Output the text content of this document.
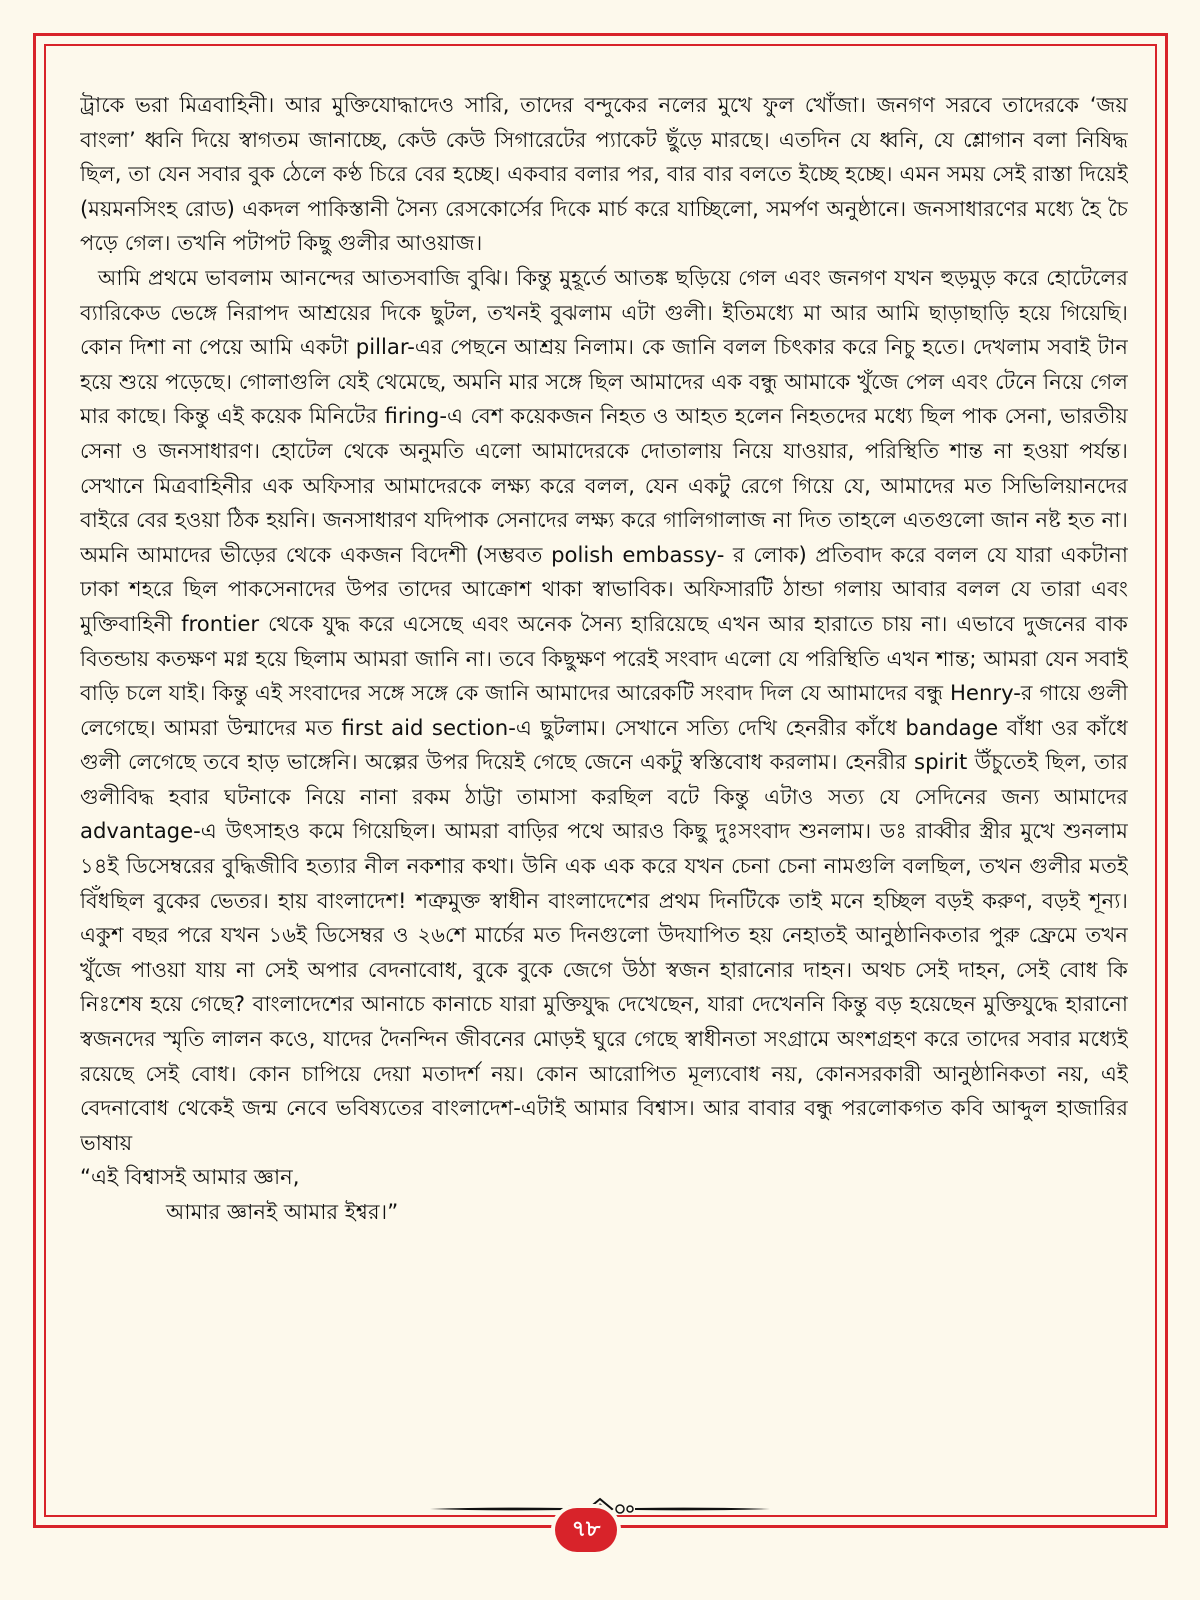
ট্রাকে ভরা মিত্রবাহিনী। আর মুক্তিযোদ্ধাদেও সারি, তাদের বন্দুকের নলের মুখে ফুল খোঁজা। জনগণ সরবে তাদেরকে ‘জয় বাংলা’ ধ্বনি দিয়ে স্বাগতম জানাচ্ছে, কেউ কেউ সিগারেটের প্যাকেট ছুঁড়ে মারছে। এতদিন যে ধ্বনি, যে শ্লোগান বলা নিষিদ্ধ ছিল, তা যেন সবার বুক ঠেলে কণ্ঠ চিরে বের হচ্ছে। একবার বলার পর, বার বার বলতে ইচ্ছে হচ্ছে। এমন সময় সেই রাস্তা দিয়েই (ময়মনসিংহ রোড) একদল পাকিস্তানী সৈন্য রেসকোর্সের দিকে মার্চ করে যাচ্ছিলো, সমর্পণ অনুষ্ঠানে। জনসাধারণের মধ্যে হৈ চৈ পড়ে গেল। তখনি পটাপট কিছু গুলীর আওয়াজ।

আমি প্রথমে ভাবলাম আনন্দের আতসবাজি বুঝি। কিন্তু মুহূর্তে আতঙ্ক ছড়িয়ে গেল এবং জনগণ যখন হুড়মুড় করে হোটেলের ব্যারিকেড ভেঙ্গে নিরাপদ আশ্রয়ের দিকে ছুটল, তখনই বুঝলাম এটা গুলী। ইতিমধ্যে মা আর আমি ছাড়াছাড়ি হয়ে গিয়েছি। কোন দিশা না পেয়ে আমি একটা pillar-এর পেছনে আশ্রয় নিলাম। কে জানি বলল চিৎকার করে নিচু হতে। দেখলাম সবাই টান হয়ে শুয়ে পড়েছে। গোলাগুলি যেই থেমেছে, অমনি মার সঙ্গে ছিল আমাদের এক বন্ধু আমাকে খুঁজে পেল এবং টেনে নিয়ে গেল মার কাছে। কিন্তু এই কয়েক মিনিটের firing-এ বেশ কয়েকজন নিহত ও আহত হলেন নিহতদের মধ্যে ছিল পাক সেনা, ভারতীয় সেনা ও জনসাধারণ। হোটেল থেকে অনুমতি এলো আমাদেরকে দোতালায় নিয়ে যাওয়ার, পরিস্থিতি শান্ত না হওয়া পর্যন্ত। সেখানে মিত্রবাহিনীর এক অফিসার আমাদেরকে লক্ষ্য করে বলল, যেন একটু রেগে গিয়ে যে, আমাদের মত সিভিলিয়ানদের বাইরে বের হওয়া ঠিক হয়নি। জনসাধারণ যদিপাক সেনাদের লক্ষ্য করে গালিগালাজ না দিত তাহলে এতগুলো জান নষ্ট হত না। অমনি আমাদের ভীড়ের থেকে একজন বিদেশী (সম্ভবত polish embassy- র লোক) প্রতিবাদ করে বলল যে যারা একটানা ঢাকা শহরে ছিল পাকসেনাদের উপর তাদের আক্রোশ থাকা স্বাভাবিক। অফিসারটি ঠান্ডা গলায় আবার বলল যে তারা এবং মুক্তিবাহিনী frontier থেকে যুদ্ধ করে এসেছে এবং অনেক সৈন্য হারিয়েছে এখন আর হারাতে চায় না। এভাবে দুজনের বাক বিতন্ডায় কতক্ষণ মগ্ন হয়ে ছিলাম আমরা জানি না। তবে কিছুক্ষণ পরেই সংবাদ এলো যে পরিস্থিতি এখন শান্ত; আমরা যেন সবাই বাড়ি চলে যাই। কিন্তু এই সংবাদের সঙ্গে সঙ্গে কে জানি আমাদের আরেকটি সংবাদ দিল যে আামাদের বন্ধু Henry-র গায়ে গুলী লেগেছে। আমরা উন্মাদের মত first aid section-এ ছুটলাম। সেখানে সত্যি দেখি হেনরীর কাঁধে bandage বাঁধা ওর কাঁধে গুলী লেগেছে তবে হাড় ভাঙ্গেনি। অল্পের উপর দিয়েই গেছে জেনে একটু স্বস্তিবোধ করলাম। হেনরীর spirit উঁচুতেই ছিল, তার গুলীবিদ্ধ হবার ঘটনাকে নিয়ে নানা রকম ঠাট্টা তামাসা করছিল বটে কিন্তু এটাও সত্য যে সেদিনের জন্য আমাদের advantage-এ উৎসাহও কমে গিয়েছিল। আমরা বাড়ির পথে আরও কিছু দুঃসংবাদ শুনলাম। ডঃ রাব্বীর স্ত্রীর মুখে শুনলাম ১৪ই ডিসেম্বরের বুদ্ধিজীবি হত্যার নীল নকশার কথা। উনি এক এক করে যখন চেনা চেনা নামগুলি বলছিল, তখন গুলীর মতই বিঁধছিল বুকের ভেতর। হায় বাংলাদেশ! শত্রুমুক্ত স্বাধীন বাংলাদেশের প্রথম দিনটিকে তাই মনে হচ্ছিল বড়ই করুণ, বড়ই শূন্য। একুশ বছর পরে যখন ১৬ই ডিসেম্বর ও ২৬শে মার্চের মত দিনগুলো উদযাপিত হয় নেহাতই আনুষ্ঠানিকতার পুরু ফ্রেমে তখন খুঁজে পাওয়া যায় না সেই অপার বেদনাবোধ, বুকে বুকে জেগে উঠা স্বজন হারানোর দাহন। অথচ সেই দাহন, সেই বোধ কি নিঃশেষ হয়ে গেছে? বাংলাদেশের আনাচে কানাচে যারা মুক্তিযুদ্ধ দেখেছেন, যারা দেখেননি কিন্তু বড় হয়েছেন মুক্তিযুদ্ধে হারানো স্বজনদের স্মৃতি লালন কওে, যাদের দৈনন্দিন জীবনের মোড়ই ঘুরে গেছে স্বাধীনতা সংগ্রামে অংশগ্রহণ করে তাদের সবার মধ্যেই রয়েছে সেই বোধ। কোন চাপিয়ে দেয়া মতাদর্শ নয়। কোন আরোপিত মূল্যবোধ নয়, কোনসরকারী আনুষ্ঠানিকতা নয়, এই বেদনাবোধ থেকেই জন্ম নেবে ভবিষ্যতের বাংলাদেশ-এটাই আমার বিশ্বাস। আর বাবার বন্ধু পরলোকগত কবি আব্দুল হাজারির ভাষায়

“এই বিশ্বাসই আমার জ্ঞান,

আমার জ্ঞানই আমার ইশ্বর।”

৭৮
